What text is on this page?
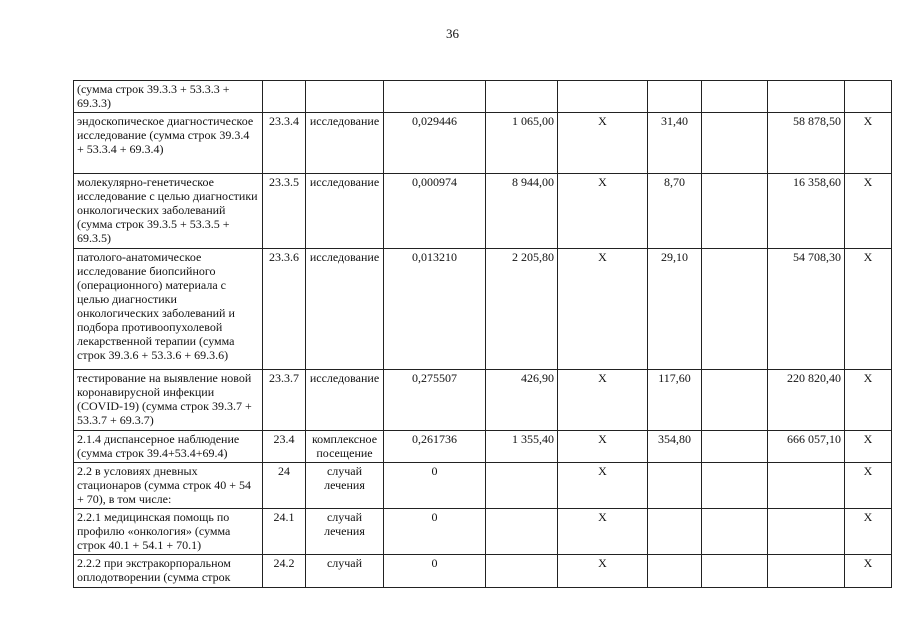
36
(сумма строк 39.3.3 + 53.3.3 + 69.3.3)									
эндоскопическое диагностическое исследование (сумма строк 39.3.4 + 53.3.4 + 69.3.4)	23.3.4	исследование	0,029446	1 065,00	X	31,40		58 878,50	X
молекулярно-генетическое исследование с целью диагностики онкологических заболеваний (сумма строк 39.3.5 + 53.3.5 + 69.3.5)	23.3.5	исследование	0,000974	8 944,00	X	8,70		16 358,60	X
патолого-анатомическое исследование биопсийного (операционного) материала с целью диагностики онкологических заболеваний и подбора противоопухолевой лекарственной терапии (сумма строк 39.3.6 + 53.3.6 + 69.3.6)	23.3.6	исследование	0,013210	2 205,80	X	29,10		54 708,30	X
тестирование на выявление новой коронавирусной инфекции (COVID-19) (сумма строк 39.3.7 + 53.3.7 + 69.3.7)	23.3.7	исследование	0,275507	426,90	X	117,60		220 820,40	X
2.1.4 диспансерное наблюдение (сумма строк 39.4+53.4+69.4)	23.4	комплексное посещение	0,261736	1 355,40	X	354,80		666 057,10	X
2.2 в условиях дневных стационаров (сумма строк 40 + 54 + 70), в том числе:	24	случай лечения	0		X				X
2.2.1 медицинская помощь по профилю «онкология» (сумма строк 40.1 + 54.1 + 70.1)	24.1	случай лечения	0		X				X
2.2.2 при экстракорпоральном оплодотворении (сумма строк	24.2	случай	0		X				X
